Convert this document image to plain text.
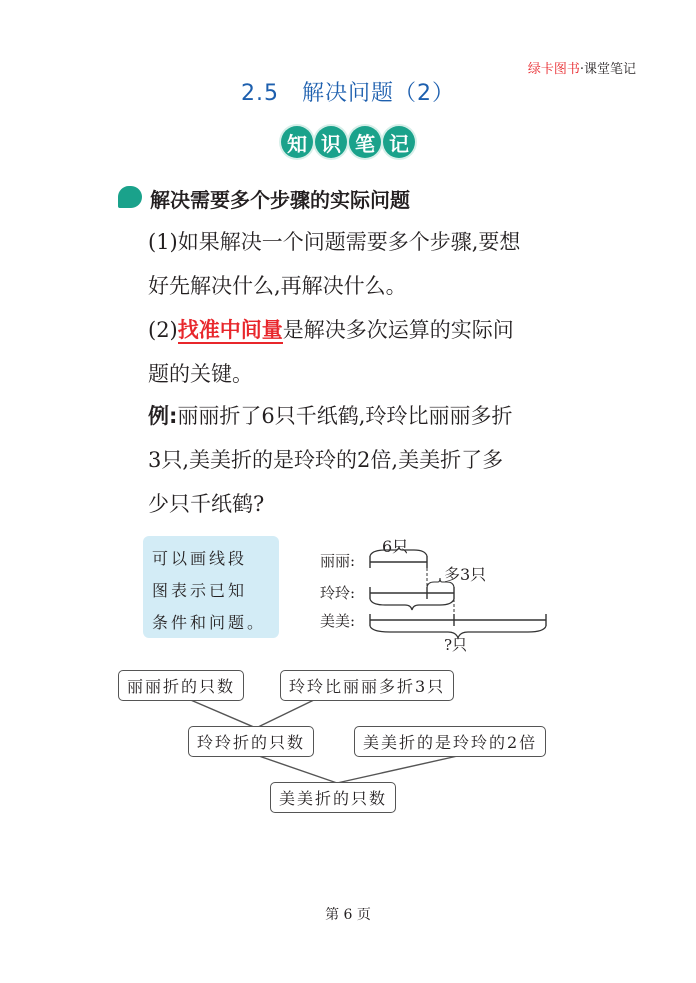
绿卡图书·课堂笔记
2.5　解决问题（2）
知 识 笔 记
解决需要多个步骤的实际问题
(1)如果解决一个问题需要多个步骤,要想
好先解决什么,再解决什么。
(2)找准中间量是解决多次运算的实际问
题的关键。
例:丽丽折了6只千纸鹤,玲玲比丽丽多折
3只,美美折的是玲玲的2倍,美美折了多
少只千纸鹤?
可以画线段
图表示已知
条件和问题。
丽丽:
玲玲:
美美:
6只
多3只
?只
丽丽折的只数	玲玲比丽丽多折3只
玲玲折的只数	美美折的是玲玲的2倍
美美折的只数
第 6 页
